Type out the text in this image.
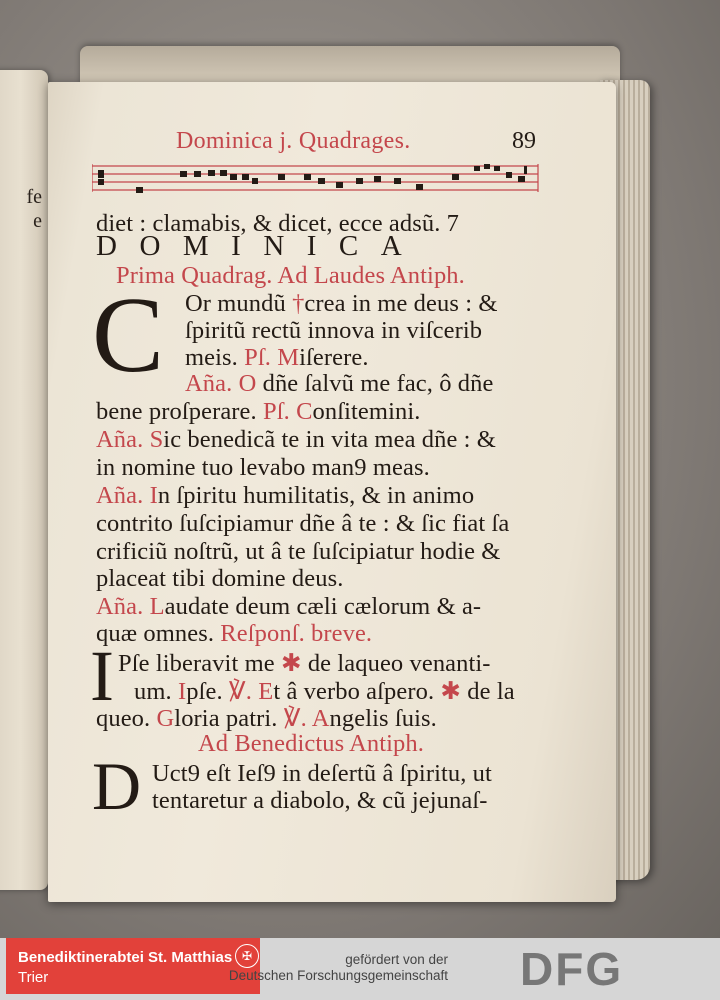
fe
e
Dominica j. Quadrages.	89
diet : clamabis, & dicet, ecce adsũ. 7
DOMINICA
Prima Quadrag. Ad Laudes Antiph.
C Or mundũ †crea in me deus : &
ſpiritũ rectũ innova in viſcerib
meis. Pſ. Miſerere.
Aña. O dñe ſalvũ me fac, ô dñe
bene proſperare. Pſ. Conſitemini.
Aña. Sic benedicã te in vita mea dñe : &
in nomine tuo levabo man9 meas.
Aña. In ſpiritu humilitatis, & in animo
contrito ſuſcipiamur dñe â te : & ſic fiat ſa
crificiũ noſtrũ, ut â te ſuſcipiatur hodie &
placeat tibi domine deus.
Aña. Laudate deum cæli cælorum & a-
quæ omnes. Reſponſ. breve.
I Pſe liberavit me ✱ de laqueo venanti-
um. Ipſe. ℣. Et â verbo aſpero. ✱ de la
queo. Gloria patri. ℣. Angelis ſuis.
Ad Benedictus Antiph.
D Uct9 eſt Ieſ9 in deſertũ â ſpiritu, ut
tentaretur a diabolo, & cũ jejunaſ-
Benediktinerabtei St. Matthias
Trier
✠	gefördert von der
Deutschen Forschungsgemeinschaft DFG
